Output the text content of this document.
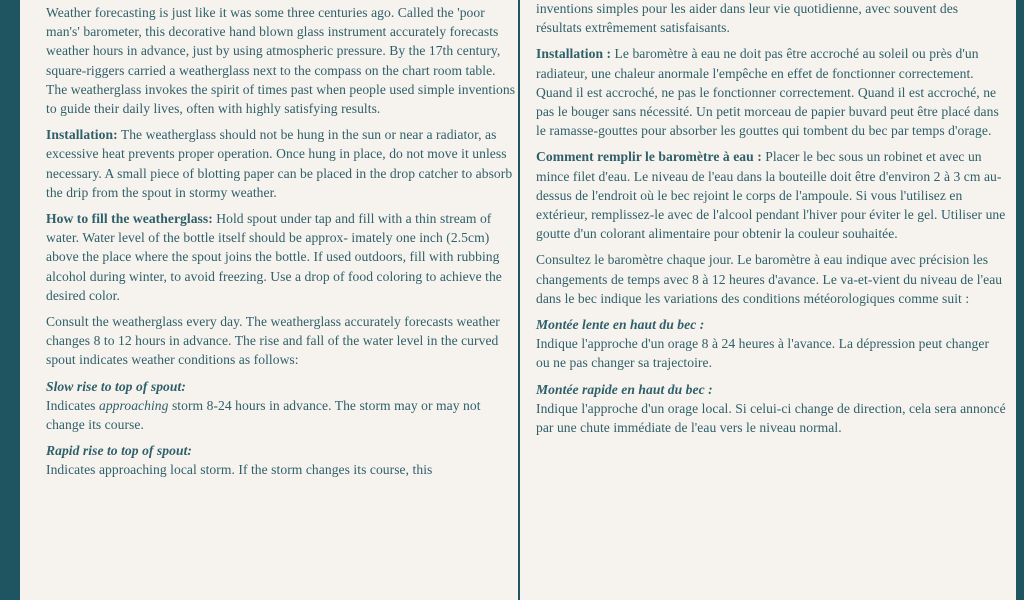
Weather forecasting is just like it was some three centuries ago. Called the 'poor man's' barometer, this decorative hand blown glass instrument accurately forecasts weather hours in advance, just by using atmospheric pressure. By the 17th century, square-riggers carried a weatherglass next to the compass on the chart room table. The weatherglass invokes the spirit of times past when people used simple inventions to guide their daily lives, often with highly satisfying results.

Installation: The weatherglass should not be hung in the sun or near a radiator, as excessive heat prevents proper operation. Once hung in place, do not move it unless necessary. A small piece of blotting paper can be placed in the drop catcher to absorb the drip from the spout in stormy weather.

How to fill the weatherglass: Hold spout under tap and fill with a thin stream of water. Water level of the bottle itself should be approx- imately one inch (2.5cm) above the place where the spout joins the bottle. If used outdoors, fill with rubbing alcohol during winter, to avoid freezing. Use a drop of food coloring to achieve the desired color.

Consult the weatherglass every day. The weatherglass accurately forecasts weather changes 8 to 12 hours in advance. The rise and fall of the water level in the curved spout indicates weather conditions as follows:

Slow rise to top of spout:
Indicates approaching storm 8-24 hours in advance. The storm may or may not change its course.

Rapid rise to top of spout:
Indicates approaching local storm. If the storm changes its course, this

inventions simples pour les aider dans leur vie quotidienne, avec souvent des résultats extrêmement satisfaisants.

Installation : Le baromètre à eau ne doit pas être accroché au soleil ou près d'un radiateur, une chaleur anormale l'empêche en effet de fonctionner correctement. Quand il est accroché, ne pas le fonctionner correctement. Quand il est accroché, ne pas le bouger sans nécessité. Un petit morceau de papier buvard peut être placé dans le ramasse-gouttes pour absorber les gouttes qui tombent du bec par temps d'orage.

Comment remplir le baromètre à eau : Placer le bec sous un robinet et avec un mince filet d'eau. Le niveau de l'eau dans la bouteille doit être d'environ 2 à 3 cm au-dessus de l'endroit où le bec rejoint le corps de l'ampoule. Si vous l'utilisez en extérieur, remplissez-le avec de l'alcool pendant l'hiver pour éviter le gel. Utiliser une goutte d'un colorant alimentaire pour obtenir la couleur souhaitée.

Consultez le baromètre chaque jour. Le baromètre à eau indique avec précision les changements de temps avec 8 à 12 heures d'avance. Le va-et-vient du niveau de l'eau dans le bec indique les variations des conditions météorologiques comme suit :

Montée lente en haut du bec :
Indique l'approche d'un orage 8 à 24 heures à l'avance. La dépression peut changer ou ne pas changer sa trajectoire.

Montée rapide en haut du bec :
Indique l'approche d'un orage local. Si celui-ci change de direction, cela sera annoncé par une chute immédiate de l'eau vers le niveau normal.
